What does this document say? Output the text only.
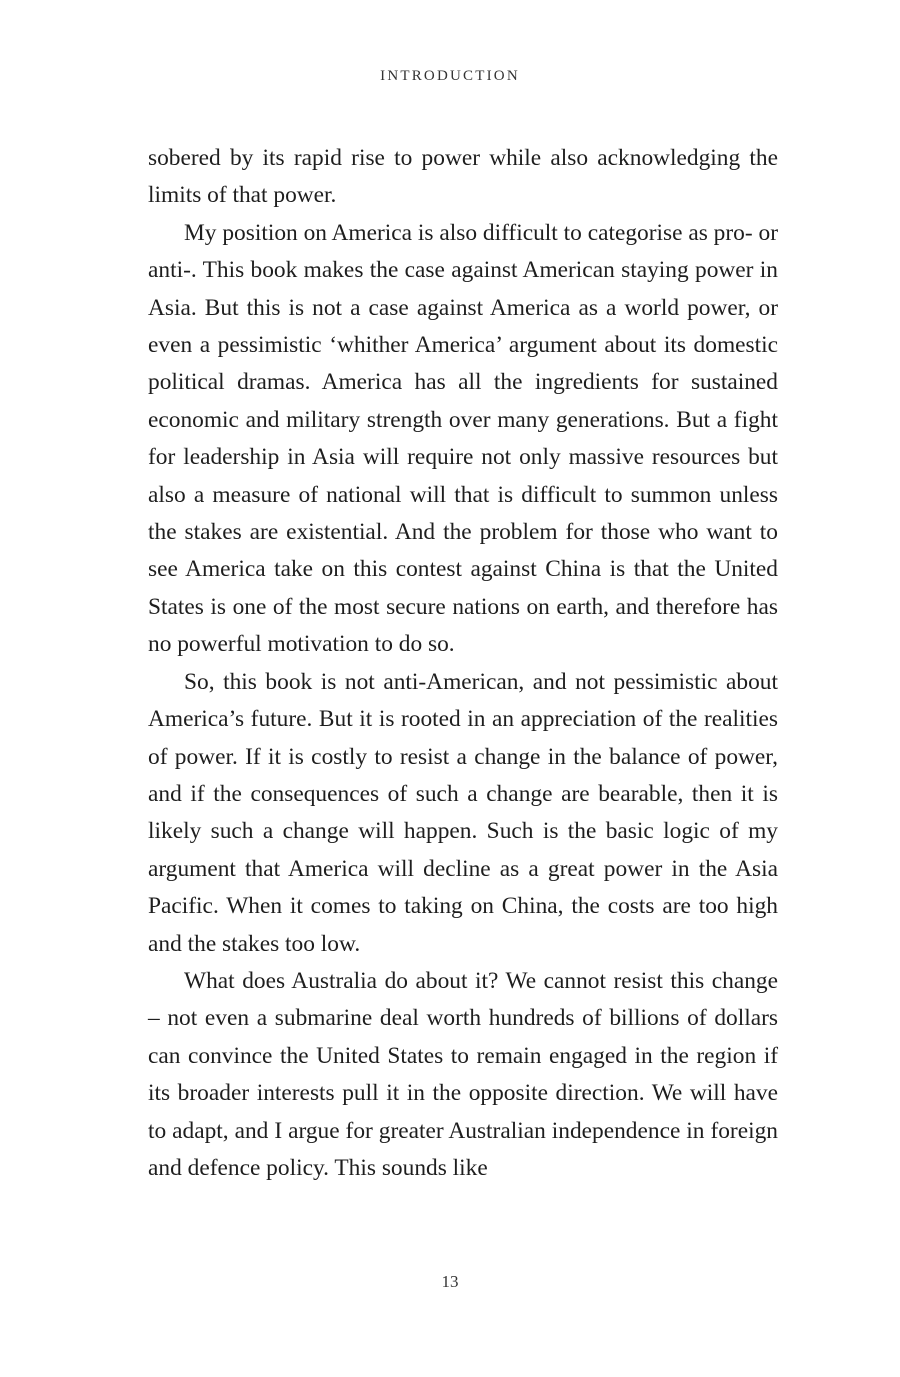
INTRODUCTION

sobered by its rapid rise to power while also acknowledging the limits of that power.

My position on America is also difficult to categorise as pro- or anti-. This book makes the case against American staying power in Asia. But this is not a case against America as a world power, or even a pessimistic ‘whither America’ argument about its domestic political dramas. America has all the ingredients for sustained economic and military strength over many generations. But a fight for leadership in Asia will require not only massive resources but also a measure of national will that is difficult to summon unless the stakes are existential. And the problem for those who want to see America take on this contest against China is that the United States is one of the most secure nations on earth, and therefore has no powerful motivation to do so.

So, this book is not anti-American, and not pessimistic about America’s future. But it is rooted in an appreciation of the realities of power. If it is costly to resist a change in the balance of power, and if the consequences of such a change are bearable, then it is likely such a change will happen. Such is the basic logic of my argument that America will decline as a great power in the Asia Pacific. When it comes to taking on China, the costs are too high and the stakes too low.

What does Australia do about it? We cannot resist this change – not even a submarine deal worth hundreds of billions of dollars can convince the United States to remain engaged in the region if its broader interests pull it in the opposite direction. We will have to adapt, and I argue for greater Australian independence in foreign and defence policy. This sounds like

13
